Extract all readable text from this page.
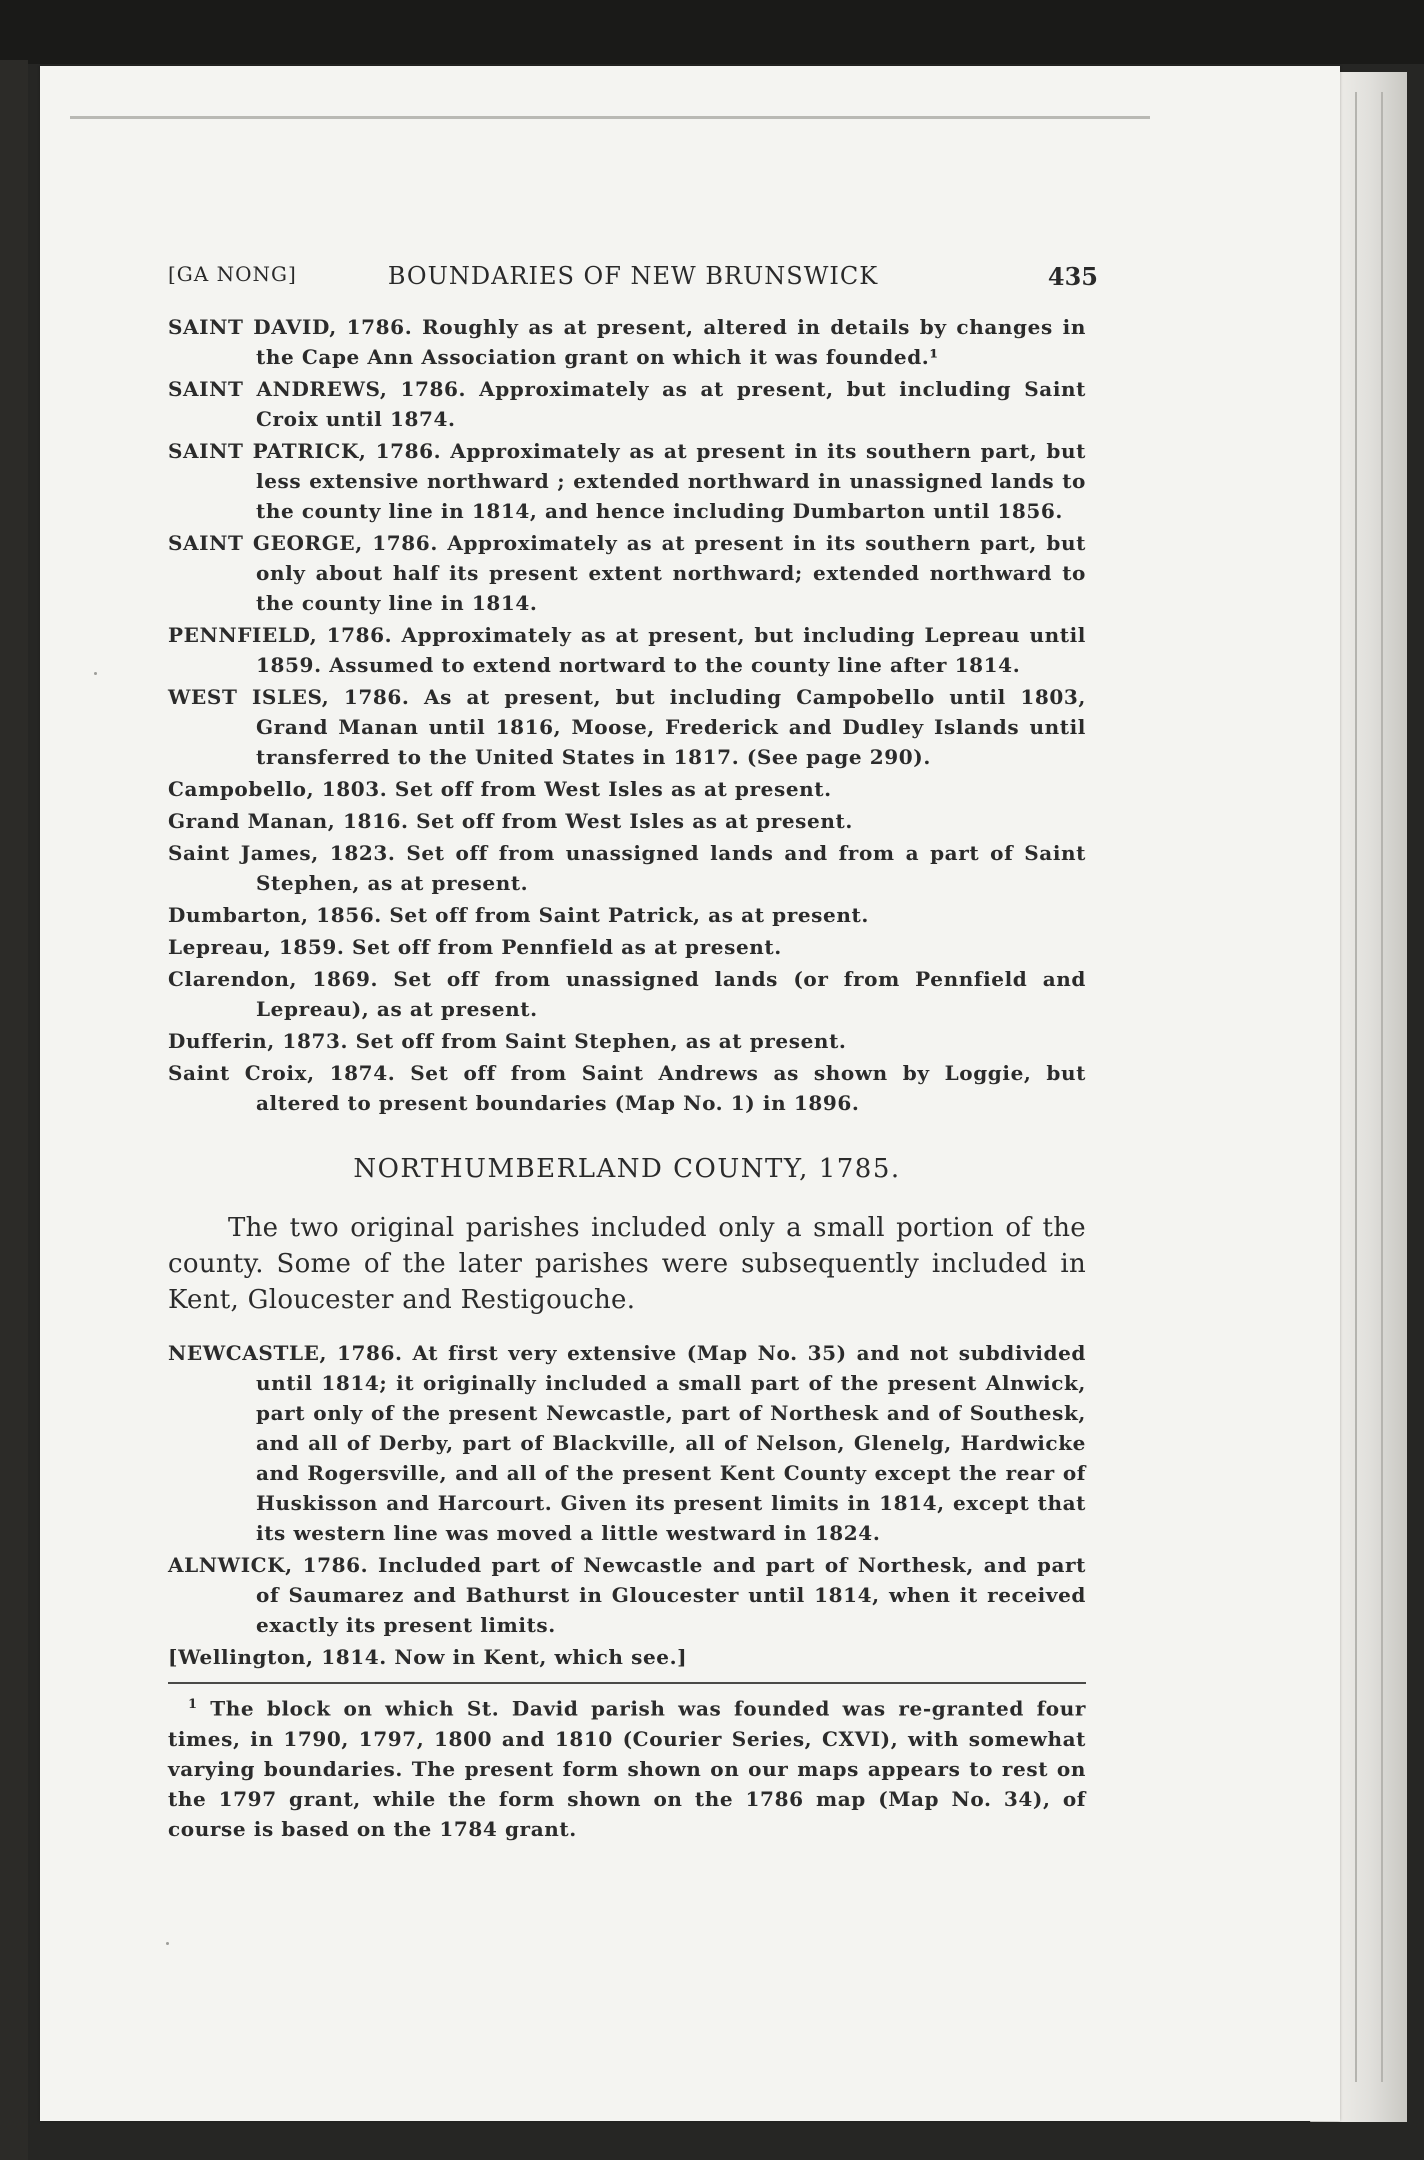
[GA NONG]	BOUNDARIES OF NEW BRUNSWICK	435
SAINT DAVID, 1786. Roughly as at present, altered in details by changes in the Cape Ann Association grant on which it was founded.¹
SAINT ANDREWS, 1786. Approximately as at present, but including Saint Croix until 1874.
SAINT PATRICK, 1786. Approximately as at present in its southern part, but less extensive northward ; extended northward in unassigned lands to the county line in 1814, and hence including Dumbarton until 1856.
SAINT GEORGE, 1786. Approximately as at present in its southern part, but only about half its present extent northward; extended northward to the county line in 1814.
PENNFIELD, 1786. Approximately as at present, but including Lepreau until 1859. Assumed to extend nortward to the county line after 1814.
WEST ISLES, 1786. As at present, but including Campobello until 1803, Grand Manan until 1816, Moose, Frederick and Dudley Islands until transferred to the United States in 1817. (See page 290).
Campobello, 1803. Set off from West Isles as at present.
Grand Manan, 1816. Set off from West Isles as at present.
Saint James, 1823. Set off from unassigned lands and from a part of Saint Stephen, as at present.
Dumbarton, 1856. Set off from Saint Patrick, as at present.
Lepreau, 1859. Set off from Pennfield as at present.
Clarendon, 1869. Set off from unassigned lands (or from Pennfield and Lepreau), as at present.
Dufferin, 1873. Set off from Saint Stephen, as at present.
Saint Croix, 1874. Set off from Saint Andrews as shown by Loggie, but altered to present boundaries (Map No. 1) in 1896.
NORTHUMBERLAND COUNTY, 1785.
The two original parishes included only a small portion of the county. Some of the later parishes were subsequently included in Kent, Gloucester and Restigouche.
NEWCASTLE, 1786. At first very extensive (Map No. 35) and not subdivided until 1814; it originally included a small part of the present Alnwick, part only of the present Newcastle, part of Northesk and of Southesk, and all of Derby, part of Blackville, all of Nelson, Glenelg, Hardwicke and Rogersville, and all of the present Kent County except the rear of Huskisson and Harcourt. Given its present limits in 1814, except that its western line was moved a little westward in 1824.
ALNWICK, 1786. Included part of Newcastle and part of Northesk, and part of Saumarez and Bathurst in Gloucester until 1814, when it received exactly its present limits.
[Wellington, 1814. Now in Kent, which see.]
$^1$ The block on which St. David parish was founded was re-granted four times, in 1790, 1797, 1800 and 1810 (Courier Series, CXVI), with somewhat varying boundaries. The present form shown on our maps appears to rest on the 1797 grant, while the form shown on the 1786 map (Map No. 34), of course is based on the 1784 grant.
